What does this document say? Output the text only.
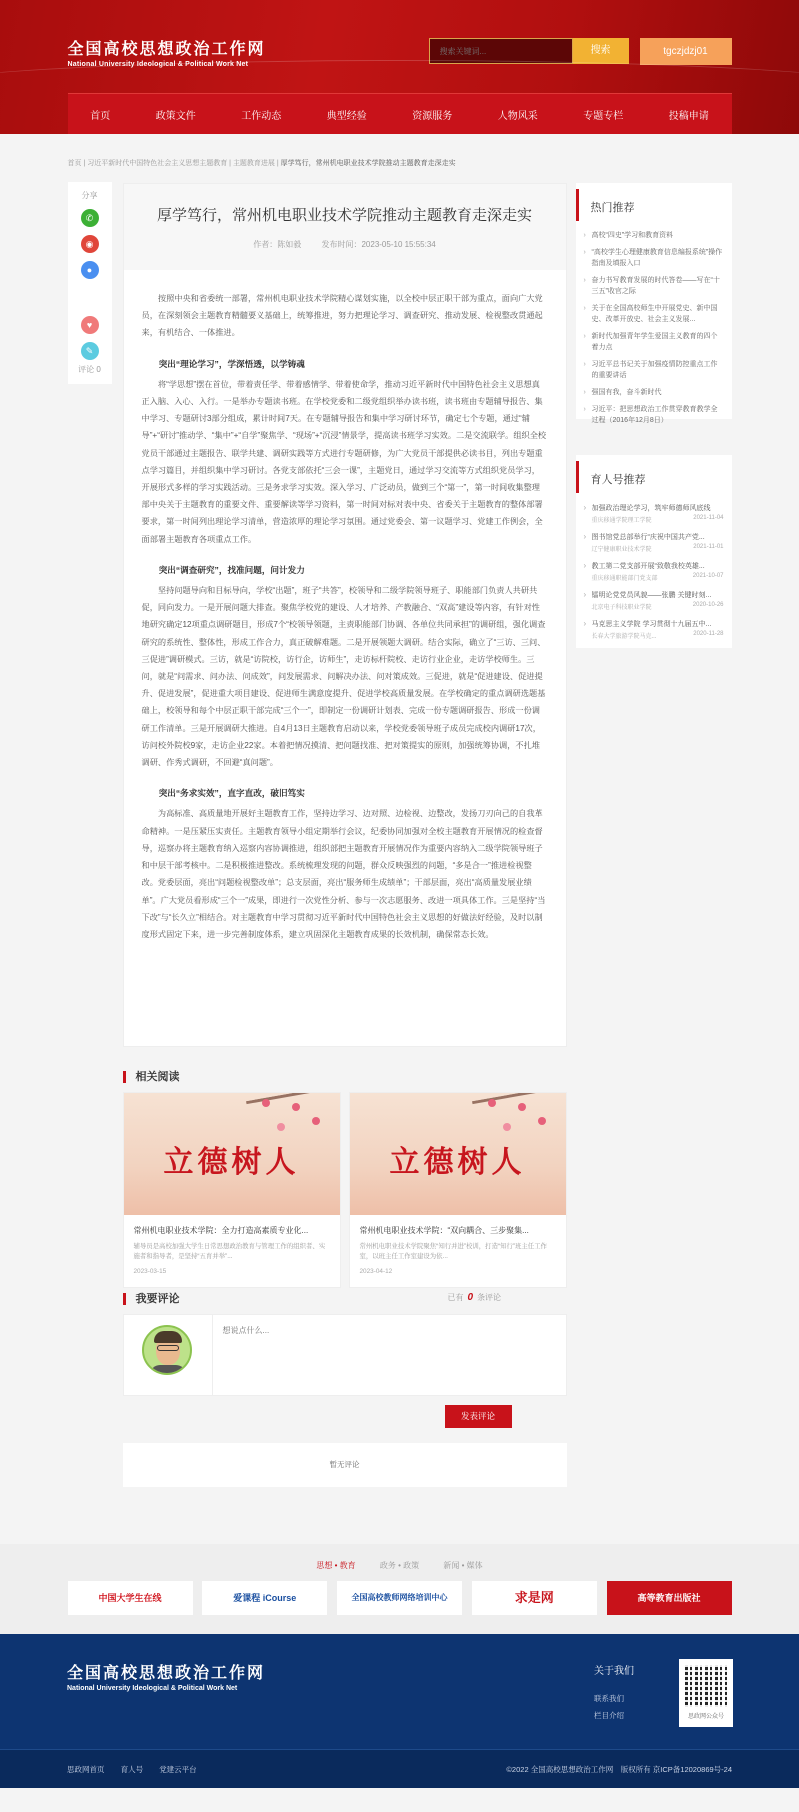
全国高校思想政治工作网
National University Ideological & Political Work Net
搜索关键词...
搜索	tgczjdzj01
首页	政策文件	工作动态	典型经验	资源服务	人物风采	专题专栏	投稿申请
首页 | 习近平新时代中国特色社会主义思想主题教育 | 主题教育进展 | 厚学笃行，常州机电职业技术学院推动主题教育走深走实
分享
✆
◉
●
♥
✎
评论 0
厚学笃行，常州机电职业技术学院推动主题教育走深走实
作者：陈如毅	发布时间：2023-05-10 15:55:34

按照中央和省委统一部署，常州机电职业技术学院精心谋划实施，以全校中层正职干部为重点，面向广大党员，在深刻领会主题教育精髓要义基础上，统筹推进，努力把理论学习、调查研究、推动发展、检视整改贯通起来，有机结合、一体推进。

突出“理论学习”，学深悟透，以学铸魂

将“学思想”摆在首位，带着责任学、带着感情学、带着使命学，推动习近平新时代中国特色社会主义思想真正入脑、入心、入行。一是举办专题读书班。在学校党委和二级党组织举办读书班，读书班由专题辅导报告、集中学习、专题研讨3部分组成，累计时间7天。在专题辅导报告和集中学习研讨环节，确定七个专题，通过“辅导”+“研讨”推动学、“集中”+“自学”聚焦学、“现场”+“沉浸”情景学，提高读书班学习实效。二是交流联学。组织全校党员干部通过主题报告、联学共建、调研实践等方式进行专题研修，为广大党员干部提供必读书目，列出专题重点学习篇目，并组织集中学习研讨。各党支部依托“三会一课”，主题党日，通过学习交流等方式组织党员学习，开展形式多样的学习实践活动。三是务求学习实效。深入学习、广泛动员，做到三个“第一”，第一时间收集整理部中央关于主题教育的重要文件、重要解读等学习资料，第一时间对标对表中央、省委关于主题教育的整体部署要求，第一时间列出理论学习清单，营造浓厚的理论学习氛围。通过党委会、第一议题学习、党建工作例会，全面部署主题教育各项重点工作。

突出“调查研究”，找准问题，问计发力

坚持问题导向和目标导向，学校“出题”，班子“共答”，校领导和二级学院领导班子、职能部门负责人共研共促，同向发力。一是开展问题大排查。聚焦学校党的建设、人才培养、产教融合、“双高”建设等内容，有针对性地研究确定12项重点调研题目，形成7个“校领导领题，主责职能部门协调、各单位共同承担”的调研组，强化调查研究的系统性、整体性，形成工作合力，真正破解难题。二是开展领题大调研。结合实际，确立了“三访、三问、三促进”调研模式。三访，就是“访院校，访行企，访师生”，走访标杆院校、走访行业企业，走访学校师生。三问，就是“问需求、问办法、问成效”，问发展需求、问解决办法、问对策成效。三促进，就是“促进建设、促进提升、促进发展”，促进重大项目建设、促进师生满意度提升、促进学校高质量发展。在学校确定的重点调研选题基础上，校领导和每个中层正职干部完成“三个一”，即制定一份调研计划表、完成一份专题调研报告、形成一份调研工作清单。三是开展调研大推进。自4月13日主题教育启动以来，学校党委领导班子成员完成校内调研17次，访问校外院校9家，走访企业22家。本着把情况摸清、把问题找准、把对策提实的原则，加强统筹协调，不扎堆调研、作秀式调研，不回避“真问题”。

突出“务求实效”，直字直改，破旧笃实

为高标准、高质量地开展好主题教育工作，坚持边学习、边对照、边检视、边整改，发扬刀刃向己的自我革命精神。一是压紧压实责任。主题教育领导小组定期举行会议，纪委协同加强对全校主题教育开展情况的检查督导，巡察办将主题教育纳入巡察内容协调推进，组织部把主题教育开展情况作为重要内容纳入二级学院领导班子和中层干部考核中。二是积极推进整改。系统梳理发现的问题，群众反映强烈的问题，“多是合一”推进检视整改。党委层面，亮出“问题检视整改单”；总支层面，亮出“服务师生成绩单”；干部层面，亮出“高质量发展业绩单”。广大党员看形成“三个一”成果，即进行一次党性分析、参与一次志愿服务、改进一项具体工作。三是坚持“当下改”与“长久立”相结合。对主题教育中学习贯彻习近平新时代中国特色社会主义思想的好做法好经验，及时以制度形式固定下来，进一步完善制度体系，建立巩固深化主题教育成果的长效机制，确保常态长效。

热门推荐
› 高校“四史”学习和教育资料
› “高校学生心理健康教育信息编报系统”操作指南及填报入口
› 奋力书写教育发展的时代答卷——写在“十三五”收官之际
› 关于在全国高校师生中开展党史、新中国史、改革开放史、社会主义发展...
› 新时代加强青年学生爱国主义教育的四个着力点
› 习近平总书记关于加强疫情防控重点工作的重要讲话
› 强国有我，奋斗新时代
› 习近平：把思想政治工作贯穿教育教学全过程（2016年12月8日）
育人号推荐
› 加强政治理论学习，筑牢师德师风底线
重庆移通学院理工学院	2021-11-04
› 图书馆党总部举行“庆祝中国共产党...
辽宁健康职业技术学院	2021-11-01
› 教工第二党支部开展“致敬我校英雄...
重庆移通职能部门党支部	2021-10-07
› 镭明论党党员风貌——张鹏 关键时刻...
北京电子科技职业学院	2020-10-26
› 马克思主义学院 学习贯彻十九届五中...
长春大学旅游学院马克...	2020-11-28
相关阅读
立德树人
常州机电职业技术学院：全力打造高素质专业化...
辅导员是高校加强大学生日常思想政治教育与管理工作的组织者、实施者和指导者，是坚持“五育并举”...
2023-03-15
立德树人
常州机电职业技术学院：“双向耦合、三步聚集...
常州机电职业技术学院聚焦“知行并进”校训，打造“知行”班主任工作室，以班主任工作室建设为依...
2023-04-12
我要评论	已有 0 条评论
想说点什么...
发表评论
暂无评论
思想 • 教育	政务 • 政策	新闻 • 媒体
中国大学生在线	爱课程 iCourse	全国高校教师网络培训中心	求是网	高等教育出版社
全国高校思想政治工作网
National University Ideological & Political Work Net
关于我们
联系我们
栏目介绍	思政网公众号
思政网首页 育人号 党建云平台	©2022 全国高校思想政治工作网　版权所有 京ICP备12020869号-24
